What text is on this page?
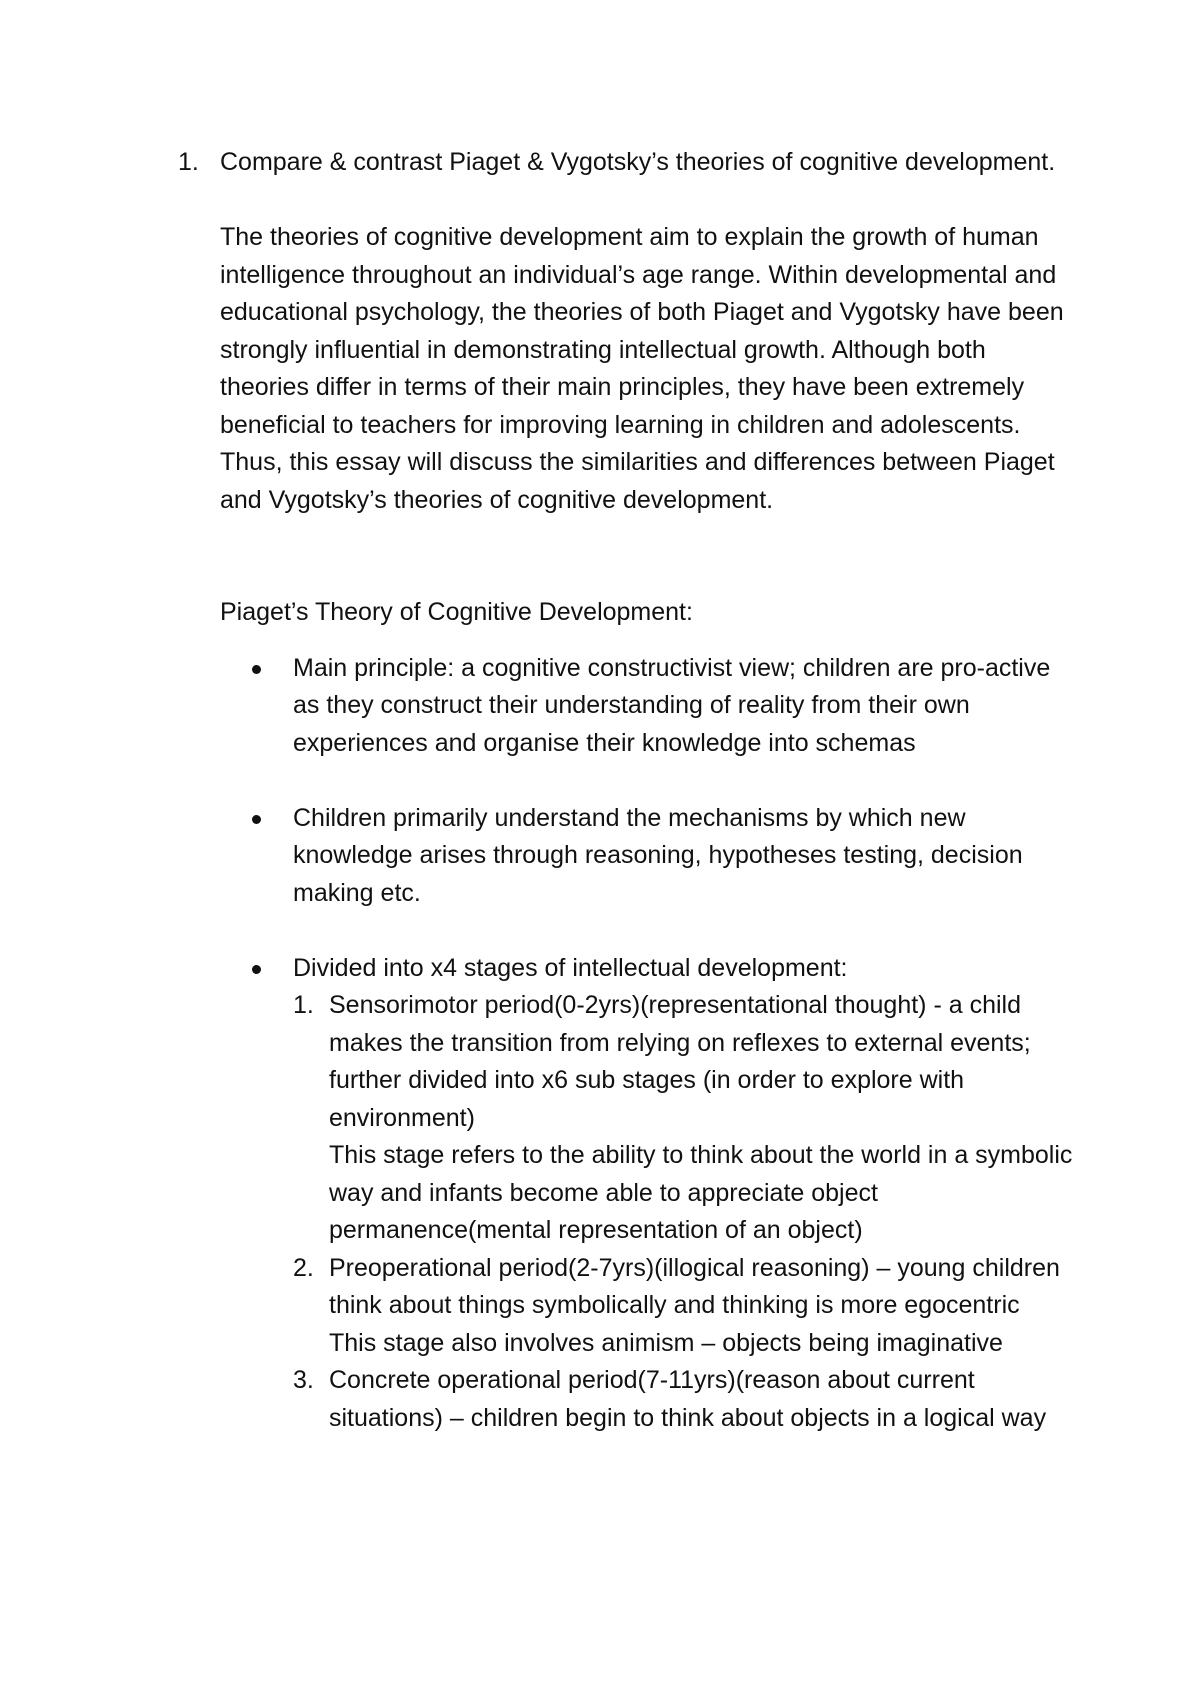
1. Compare & contrast Piaget & Vygotsky’s theories of cognitive development.
The theories of cognitive development aim to explain the growth of human intelligence throughout an individual’s age range. Within developmental and educational psychology, the theories of both Piaget and Vygotsky have been strongly influential in demonstrating intellectual growth. Although both theories differ in terms of their main principles, they have been extremely beneficial to teachers for improving learning in children and adolescents. Thus, this essay will discuss the similarities and differences between Piaget and Vygotsky’s theories of cognitive development.
Piaget’s Theory of Cognitive Development:
Main principle: a cognitive constructivist view; children are pro-active as they construct their understanding of reality from their own experiences and organise their knowledge into schemas
Children primarily understand the mechanisms by which new knowledge arises through reasoning, hypotheses testing, decision making etc.
Divided into x4 stages of intellectual development:
1. Sensorimotor period(0-2yrs)(representational thought) - a child makes the transition from relying on reflexes to external events; further divided into x6 sub stages (in order to explore with environment)

This stage refers to the ability to think about the world in a symbolic way and infants become able to appreciate object permanence(mental representation of an object)

2. Preoperational period(2-7yrs)(illogical reasoning) – young children think about things symbolically and thinking is more egocentric

This stage also involves animism – objects being imaginative

3. Concrete operational period(7-11yrs)(reason about current situations) – children begin to think about objects in a logical way
